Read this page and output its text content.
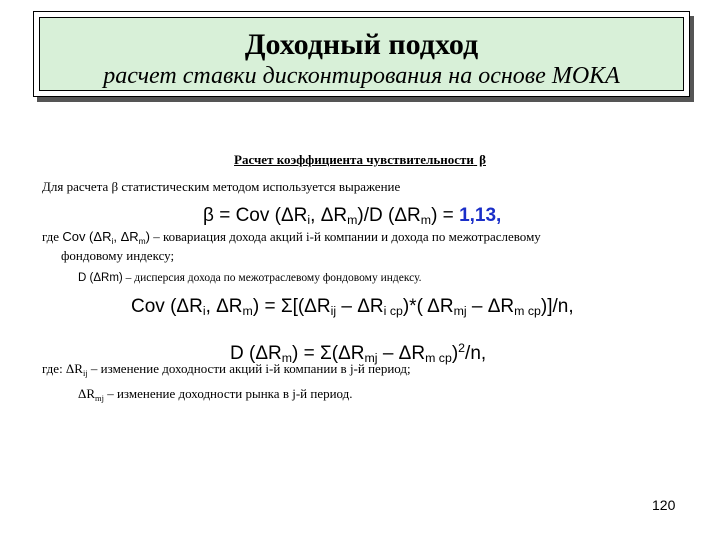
Доходный подход
расчет ставки дисконтирования на основе МОКА
Расчет коэффициента чувствительности β
Для расчета β статистическим методом используется выражение
β = Cov ($\Delta R_i$, $\Delta R_m)/D$ $(\Delta R_m) = 1,13$,
где Cov ($\Delta R_i$, $\Delta R_m$) – ковариация дохода акций i-й компании и дохода по межотраслевому
фондовому индексу;
D (ΔRm) – дисперсия дохода по межотраслевому фондовому индексу.
Cov ($\Delta R_i$, $\Delta R_m) = \Sigma[(\Delta R_{ij} - \Delta R_{i ср})*$( $\Delta R_{mj} - \Delta R_{m ср})]/n$,
D $(\Delta R_m) = \Sigma(\Delta R_{mj} - \Delta R_{m ср})^2/n$,
где: $\Delta R_{ij}$ – изменение доходности акций i-й компании в j-й период;
$\Delta R_{mj}$ – изменение доходности рынка в j-й период.
120
